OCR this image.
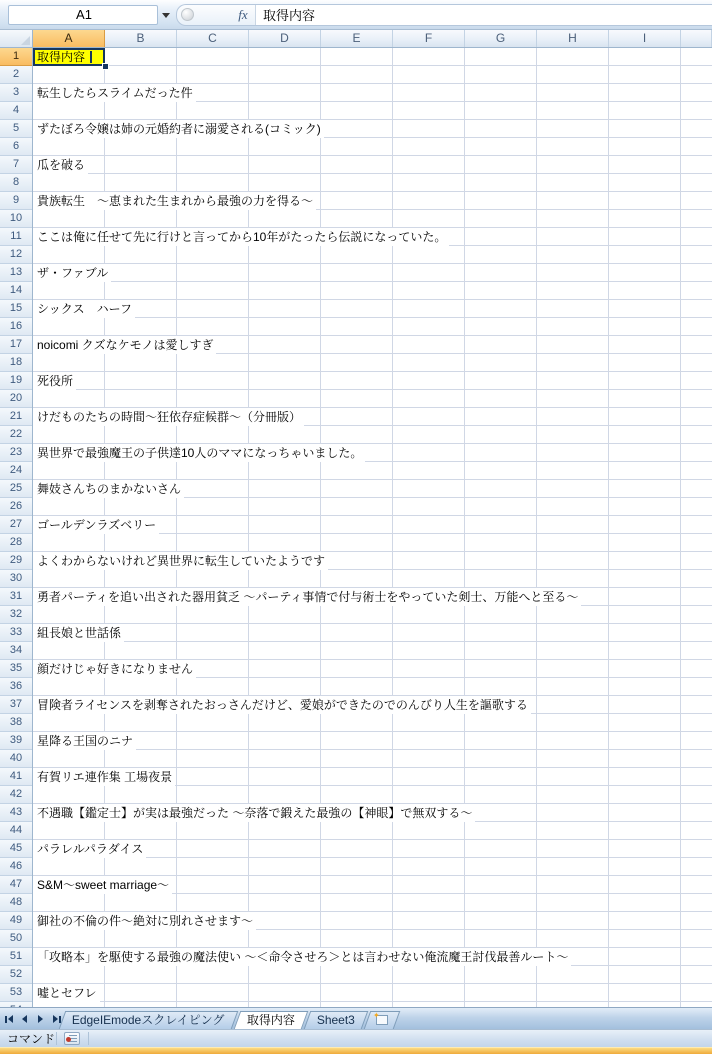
A1	fx	取得内容
A	B	C	D	E	F	G	H	I
取得内容
転生したらスライムだった件
ずたぼろ令嬢は姉の元婚約者に溺愛される(コミック)
瓜を破る
貴族転生　～恵まれた生まれから最強の力を得る～
ここは俺に任せて先に行けと言ってから10年がたったら伝説になっていた。
ザ・ファブル
シックス　ハーフ
noicomi クズなケモノは愛しすぎ
死役所
けだものたちの時間～狂依存症候群～（分冊版）
異世界で最強魔王の子供達10人のママになっちゃいました。
舞妓さんちのまかないさん
ゴールデンラズベリー
よくわからないけれど異世界に転生していたようです
勇者パーティを追い出された器用貧乏 ～パーティ事情で付与術士をやっていた剣士、万能へと至る～
組長娘と世話係
顔だけじゃ好きになりません
冒険者ライセンスを剥奪されたおっさんだけど、愛娘ができたのでのんびり人生を謳歌する
星降る王国のニナ
有賀リエ連作集 工場夜景
不遇職【鑑定士】が実は最強だった ～奈落で鍛えた最強の【神眼】で無双する～
パラレルパラダイス
S&M～sweet marriage～
御社の不倫の件～絶対に別れさせます～
「攻略本」を駆使する最強の魔法使い ～＜命令させろ＞とは言わせない俺流魔王討伐最善ルート～
嘘とセフレ
1
2
3
4
5
6
7
8
9
10
11
12
13
14
15
16
17
18
19
20
21
22
23
24
25
26
27
28
29
30
31
32
33
34
35
36
37
38
39
40
41
42
43
44
45
46
47
48
49
50
51
52
53
EdgeIEmodeスクレイピング	取得内容	Sheet3	✦
コマンド
